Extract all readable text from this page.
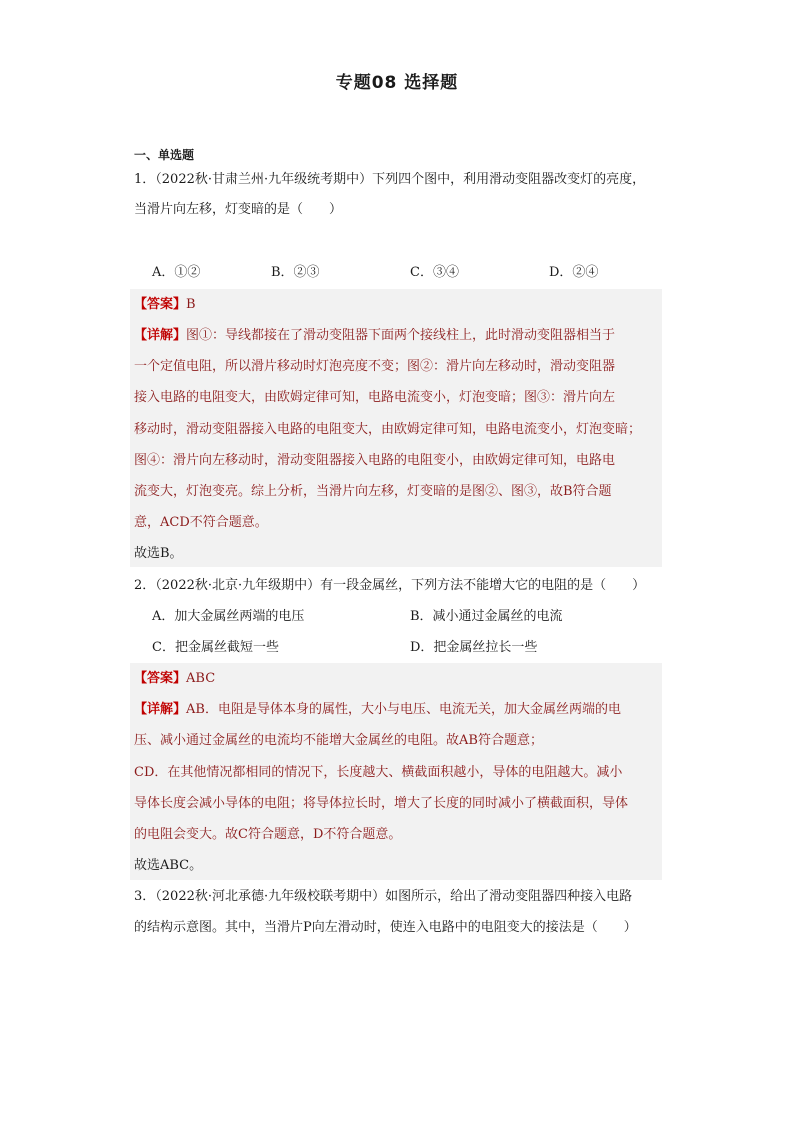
专题08 选择题
一、单选题
1．（2022秋·甘肃兰州·九年级统考期中）下列四个图中，利用滑动变阻器改变灯的亮度，
当滑片向左移，灯变暗的是（　　）
A．①②	B．②③	C．③④	D．②④
【答案】B
【详解】图①：导线都接在了滑动变阻器下面两个接线柱上，此时滑动变阻器相当于
一个定值电阻，所以滑片移动时灯泡亮度不变；图②：滑片向左移动时，滑动变阻器
接入电路的电阻变大，由欧姆定律可知，电路电流变小，灯泡变暗；图③：滑片向左
移动时，滑动变阻器接入电路的电阻变大，由欧姆定律可知，电路电流变小，灯泡变暗；
图④：滑片向左移动时，滑动变阻器接入电路的电阻变小，由欧姆定律可知，电路电
流变大，灯泡变亮。综上分析，当滑片向左移，灯变暗的是图②、图③，故B符合题
意，ACD不符合题意。
故选B。
2．（2022秋·北京·九年级期中）有一段金属丝，下列方法不能增大它的电阻的是（　　）
A．加大金属丝两端的电压	B．减小通过金属丝的电流
C．把金属丝截短一些	D．把金属丝拉长一些
【答案】ABC
【详解】AB．电阻是导体本身的属性，大小与电压、电流无关，加大金属丝两端的电
压、减小通过金属丝的电流均不能增大金属丝的电阻。故AB符合题意；
CD．在其他情况都相同的情况下，长度越大、横截面积越小，导体的电阻越大。减小
导体长度会减小导体的电阻；将导体拉长时，增大了长度的同时减小了横截面积，导体
的电阻会变大。故C符合题意，D不符合题意。
故选ABC。
3．（2022秋·河北承德·九年级校联考期中）如图所示，给出了滑动变阻器四种接入电路
的结构示意图。其中，当滑片P向左滑动时，使连入电路中的电阻变大的接法是（　　）
